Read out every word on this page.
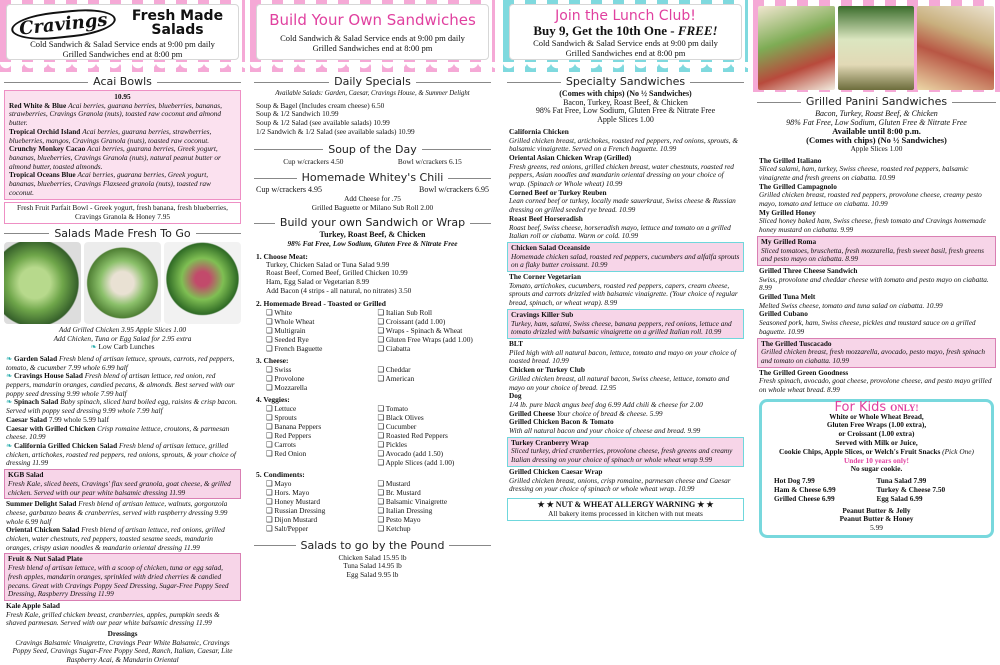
Cravings	Fresh Made Salads
Cold Sandwich & Salad Service ends at 9:00 pm daily
Grilled Sandwiches end at 8:00 pm
Acai Bowls
10.95
Red White & Blue Acai berries, guarana berries, blueberries, bananas, strawberries, Cravings Granola (nuts), toasted raw coconut and almond butter.
Tropical Orchid Island Acai berries, guarana berries, strawberries, blueberries, mangos, Cravings Granola (nuts), toasted raw coconut.
Crunchy Monkey Cacao Acai berries, guarana berries, Greek yogurt, bananas, blueberries, Cravings Granola (nuts), natural peanut butter or almond butter, toasted almonds.
Tropical Oceans Blue Acai berries, guarana berries, Greek yogurt, bananas, blueberries, Cravings Flaxseed granola (nuts), toasted raw coconut.
Fresh Fruit Parfait Bowl - Greek yogurt, fresh banana, fresh blueberries, Cravings Granola & Honey 7.95
Salads Made Fresh To Go
Add Grilled Chicken 3.95 Apple Slices 1.00
Add Chicken, Tuna or Egg Salad for 2.95 extra
❧ Low Carb Lunches
❧ Garden Salad Fresh blend of artisan lettuce, sprouts, carrots, red peppers, tomato, & cucumber 7.99 whole 6.99 half
❧ Cravings House Salad Fresh blend of artisan lettuce, red onion, red peppers, mandarin oranges, candied pecans, & almonds. Best served with our poppy seed dressing 9.99 whole 7.99 half
❧ Spinach Salad Baby spinach, sliced hard boiled egg, raisins & crisp bacon. Served with poppy seed dressing 9.99 whole 7.99 half
Caesar Salad 7.99 whole 5.99 half
Caesar with Grilled Chicken Crisp romaine lettuce, croutons, & parmesan cheese. 10.99
❧ California Grilled Chicken Salad Fresh blend of artisan lettuce, grilled chicken, artichokes, roasted red peppers, red onions, sprouts, & your choice of dressing 11.99
KGB Salad
Fresh Kale, sliced beets, Cravings' flax seed granola, goat cheese, & grilled chicken. Served with our pear white balsamic dressing 11.99
Summer Delight Salad Fresh blend of artisan lettuce, walnuts, gorgonzola cheese, garbanzo beans & cranberries, served with raspberry dressing 9.99 whole 6.99 half
Oriental Chicken Salad Fresh blend of artisan lettuce, red onions, grilled chicken, water chestnuts, red peppers, toasted sesame seeds, mandarin oranges, crispy asian noodles & mandarin oriental dressing 11.99
Fruit & Nut Salad Plate
Fresh blend of artisan lettuce, with a scoop of chicken, tuna or egg salad, fresh apples, mandarin oranges, sprinkled with dried cherries & candied pecans. Great with Cravings Poppy Seed Dressing, Sugar-Free Poppy Seed Dressing, Raspberry Dressing 11.99
Kale Apple Salad
Fresh Kale, grilled chicken breast, cranberries, apples, pumpkin seeds & shaved parmesan. Served with our pear white balsamic dressing 11.99
Dressings
Cravings Balsamic Vinaigrette, Cravings Pear White Balsamic, Cravings Poppy Seed, Cravings Sugar-Free Poppy Seed, Ranch, Italian, Caesar, Lite Raspberry Acai, & Mandarin Oriental
Build Your Own Sandwiches
Cold Sandwich & Salad Service ends at 9:00 pm daily
Grilled Sandwiches end at 8:00 pm
Daily Specials
Available Salads: Garden, Caesar, Cravings House, & Summer Delight
Soup & Bagel (Includes cream cheese) 6.50
Soup & 1/2 Sandwich 10.99
Soup & 1/2 Salad (see available salads) 10.99
1/2 Sandwich & 1/2 Salad (see available salads) 10.99
Soup of the Day
Cup w/crackers 4.50	Bowl w/crackers 6.15
Homemade Whitey's Chili
Cup w/crackers 4.95	Bowl w/crackers 6.95
Add Cheese for .75
Grilled Baguette or Milano Sub Roll 2.00
Build your own Sandwich or Wrap
Turkey, Roast Beef, & Chicken
98% Fat Free, Low Sodium, Gluten Free & Nitrate Free
1. Choose Meat:
Turkey, Chicken Salad or Tuna Salad 9.99
Roast Beef, Corned Beef, Grilled Chicken 10.99
Ham, Egg Salad or Vegetarian 8.99
Add Bacon (4 strips - all natural, no nitrates) 3.50
2. Homemade Bread - Toasted or Grilled
❑ White	❑ Italian Sub Roll
❑ Whole Wheat	❑ Croissant (add 1.00)
❑ Multigrain	❑ Wraps - Spinach & Wheat
❑ Seeded Rye	❑ Gluten Free Wraps (add 1.00)
❑ French Baguette	❑ Ciabatta
3. Cheese:
❑ Swiss	❑ Cheddar
❑ Provolone	❑ American
❑ Mozzarella
4. Veggies:
❑ Lettuce	❑ Tomato
❑ Sprouts	❑ Black Olives
❑ Banana Peppers	❑ Cucumber
❑ Red Peppers	❑ Roasted Red Peppers
❑ Carrots	❑ Pickles
❑ Red Onion	❑ Avocado (add 1.50)
❑ Apple Slices (add 1.00)
5. Condiments:
❑ Mayo	❑ Mustard
❑ Hors. Mayo	❑ Br. Mustard
❑ Honey Mustard	❑ Balsamic Vinaigrette
❑ Russian Dressing	❑ Italian Dressing
❑ Dijon Mustard	❑ Pesto Mayo
❑ Salt/Pepper	❑ Ketchup
Salads to go by the Pound
Chicken Salad 15.95 lb
Tuna Salad 14.95 lb
Egg Salad 9.95 lb
Join the Lunch Club!
Buy 9, Get the 10th One - FREE!
Cold Sandwich & Salad Service ends at 9:00 pm daily
Grilled Sandwiches end at 8:00 pm
Specialty Sandwiches
(Comes with chips) (No ½ Sandwiches)
Bacon, Turkey, Roast Beef, & Chicken
98% Fat Free, Low Sodium, Gluten Free & Nitrate Free
Apple Slices 1.00
California Chicken
Grilled chicken breast, artichokes, roasted red peppers, red onions, sprouts, & balsamic vinaigrette. Served on a French baguette. 10.99
Oriental Asian Chicken Wrap (Grilled)
Fresh greens, red onions, grilled chicken breast, water chestnuts, roasted red peppers, Asian noodles and mandarin oriental dressing on your choice of wrap. (Spinach or Whole wheat) 10.99
Corned Beef or Turkey Reuben
Lean corned beef or turkey, locally made sauerkraut, Swiss cheese & Russian dressing on grilled seeded rye bread. 10.99
Roast Beef Horseradish
Roast beef, Swiss cheese, horseradish mayo, lettuce and tomato on a grilled Italian roll or ciabatta. Warm or cold. 10.99
Chicken Salad Oceanside
Homemade chicken salad, roasted red peppers, cucumbers and alfalfa sprouts on a flaky butter croissant. 10.99
The Corner Vegetarian
Tomato, artichokes, cucumbers, roasted red peppers, capers, cream cheese, sprouts and carrots drizzled with balsamic vinaigrette. (Your choice of regular bread, spinach, or wheat wrap). 8.99
Cravings Killer Sub
Turkey, ham, salami, Swiss cheese, banana peppers, red onions, lettuce and tomato drizzled with balsamic vinaigrette on a grilled Italian roll. 10.99
BLT
Piled high with all natural bacon, lettuce, tomato and mayo on your choice of toasted bread. 10.99
Chicken or Turkey Club
Grilled chicken breast, all natural bacon, Swiss cheese, lettuce, tomato and mayo on your choice of bread. 12.95
Dog
1/4 lb. pure black angus beef dog 6.99 Add chili & cheese for 2.00
Grilled Cheese Your choice of bread & cheese. 5.99
Grilled Chicken Bacon & Tomato
With all natural bacon and your choice of cheese and bread. 9.99
Turkey Cranberry Wrap
Sliced turkey, dried cranberries, provolone cheese, fresh greens and creamy Italian dressing on your choice of spinach or whole wheat wrap 9.99
Grilled Chicken Caesar Wrap
Grilled chicken breast, onions, crisp romaine, parmesan cheese and Caesar dressing on your choice of spinach or whole wheat wrap. 10.99
★ ★ NUT & WHEAT ALLERGY WARNING ★ ★
All bakery items processed in kitchen with nut meats
Grilled Panini Sandwiches
Bacon, Turkey, Roast Beef, & Chicken
98% Fat Free, Low Sodium, Gluten Free & Nitrate Free
Available until 8:00 p.m.
(Comes with chips) (No ½ Sandwiches)
Apple Slices 1.00
The Grilled Italiano
Sliced salami, ham, turkey, Swiss cheese, roasted red peppers, balsamic vinaigrette and fresh greens on ciabatta. 10.99
The Grilled Campagnolo
Grilled chicken breast, roasted red peppers, provolone cheese, creamy pesto mayo, tomato and lettuce on ciabatta. 10.99
My Grilled Honey
Sliced honey baked ham, Swiss cheese, fresh tomato and Cravings homemade honey mustard on ciabatta. 9.99
My Grilled Roma
Sliced tomatoes, bruschetta, fresh mozzarella, fresh sweet basil, fresh greens and pesto mayo on ciabatta. 8.99
Grilled Three Cheese Sandwich
Swiss, provolone and cheddar cheese with tomato and pesto mayo on ciabatta. 8.99
Grilled Tuna Melt
Melted Swiss cheese, tomato and tuna salad on ciabatta. 10.99
Grilled Cubano
Seasoned pork, ham, Swiss cheese, pickles and mustard sauce on a grilled baguette. 10.99
The Grilled Tuscacado
Grilled chicken breast, fresh mozzarella, avocado, pesto mayo, fresh spinach and tomato on ciabatta. 10.99
The Grilled Green Goodness
Fresh spinach, avocado, goat cheese, provolone cheese, and pesto mayo grilled on whole wheat bread. 8.99
For Kids ONLY!
White or Whole Wheat Bread,
Gluten Free Wraps (1.00 extra),
or Croissant (1.00 extra)
Served with Milk or Juice,
Cookie Chips, Apple Slices, or Welch's Fruit Snacks (Pick One)
Under 10 years only!
No sugar cookie.
Hot Dog 7.99	Tuna Salad 7.99
Ham & Cheese 6.99	Turkey & Cheese 7.50
Grilled Cheese 6.99	Egg Salad 6.99
Peanut Butter & Jelly
Peanut Butter & Honey
5.99
